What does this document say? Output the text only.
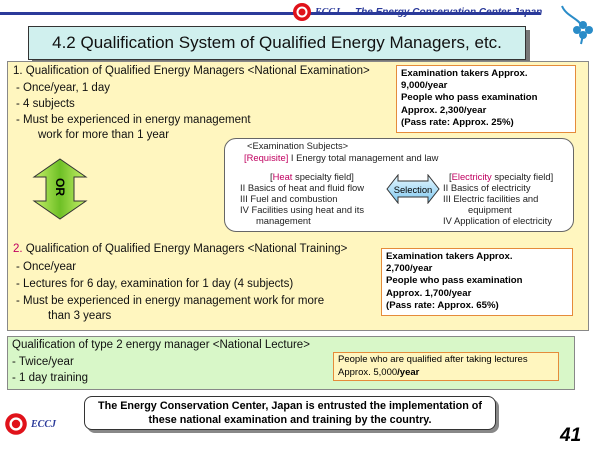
ECCJ The Energy Conservation Center Japan
4.2 Qualification System of Qualified Energy Managers, etc.
1. Qualification of Qualified Energy Managers <National Examination>
- Once/year, 1 day
- 4 subjects
- Must be experienced in energy management
work for more than 1 year
Examination takers Approx.
9,000/year
People who pass examination
Approx. 2,300/year
(Pass rate: Approx. 25%)
OR
<Examination Subjects>
[Requisite] I Energy total management and law
[Heat specialty field]
II Basics of heat and fluid flow
III Fuel and combustion
IV Facilities using heat and its
management
Selection
[Electricity specialty field]
II Basics of electricity
III Electric facilities and
equipment
IV Application of electricity
2. Qualification of Qualified Energy Managers <National Training>
- Once/year
- Lectures for 6 day, examination for 1 day (4 subjects)
- Must be experienced in energy management work for more
than 3 years
Examination takers Approx.
2,700/year
People who pass examination
Approx. 1,700/year
(Pass rate: Approx. 65%)
Qualification of type 2 energy manager <National Lecture>
- Twice/year
- 1 day training
People who are qualified after taking lectures
Approx. 5,000/year
The Energy Conservation Center, Japan is entrusted the implementation of
these national examination and training by the country.
ECCJ
41
